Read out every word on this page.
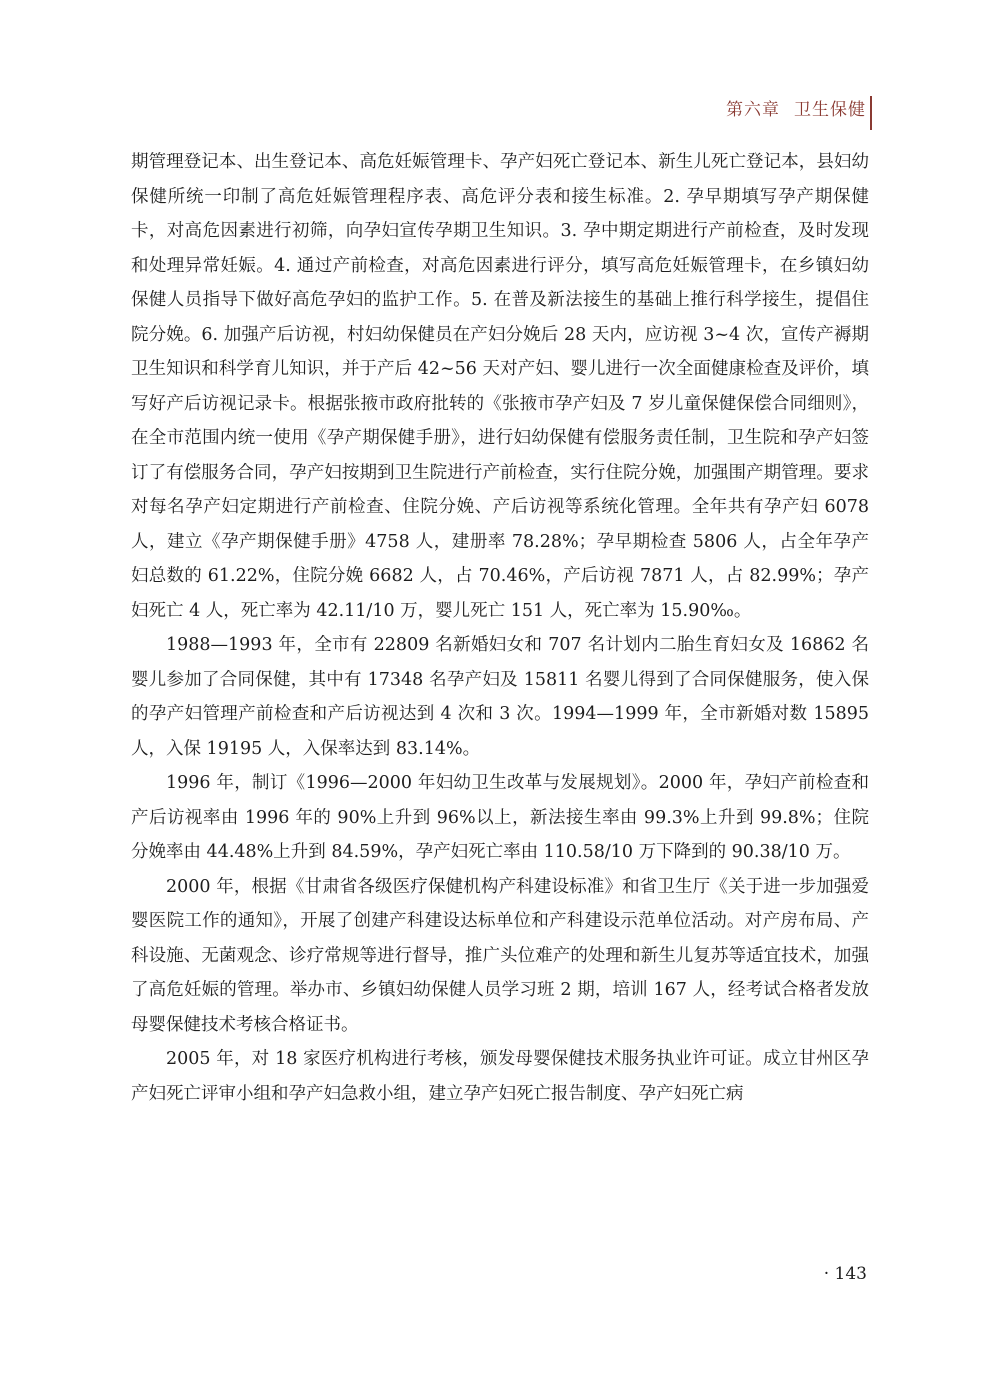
第六章 卫生保健

期管理登记本、出生登记本、高危妊娠管理卡、孕产妇死亡登记本、新生儿死亡登记本，县妇幼保健所统一印制了高危妊娠管理程序表、高危评分表和接生标准。2. 孕早期填写孕产期保健卡，对高危因素进行初筛，向孕妇宣传孕期卫生知识。3. 孕中期定期进行产前检查，及时发现和处理异常妊娠。4. 通过产前检查，对高危因素进行评分，填写高危妊娠管理卡，在乡镇妇幼保健人员指导下做好高危孕妇的监护工作。5. 在普及新法接生的基础上推行科学接生，提倡住院分娩。6. 加强产后访视，村妇幼保健员在产妇分娩后 28 天内，应访视 3~4 次，宣传产褥期卫生知识和科学育儿知识，并于产后 42~56 天对产妇、婴儿进行一次全面健康检查及评价，填写好产后访视记录卡。根据张掖市政府批转的《张掖市孕产妇及 7 岁儿童保健保偿合同细则》，在全市范围内统一使用《孕产期保健手册》，进行妇幼保健有偿服务责任制，卫生院和孕产妇签订了有偿服务合同，孕产妇按期到卫生院进行产前检查，实行住院分娩，加强围产期管理。要求对每名孕产妇定期进行产前检查、住院分娩、产后访视等系统化管理。全年共有孕产妇 6078 人，建立《孕产期保健手册》4758 人，建册率 78.28%；孕早期检查 5806 人，占全年孕产妇总数的 61.22%，住院分娩 6682 人，占 70.46%，产后访视 7871 人，占 82.99%；孕产妇死亡 4 人，死亡率为 42.11/10 万，婴儿死亡 151 人，死亡率为 15.90‰。

1988—1993 年，全市有 22809 名新婚妇女和 707 名计划内二胎生育妇女及 16862 名婴儿参加了合同保健，其中有 17348 名孕产妇及 15811 名婴儿得到了合同保健服务，使入保的孕产妇管理产前检查和产后访视达到 4 次和 3 次。1994—1999 年，全市新婚对数 15895 人，入保 19195 人，入保率达到 83.14%。

1996 年，制订《1996—2000 年妇幼卫生改革与发展规划》。2000 年，孕妇产前检查和产后访视率由 1996 年的 90%上升到 96%以上，新法接生率由 99.3%上升到 99.8%；住院分娩率由 44.48%上升到 84.59%，孕产妇死亡率由 110.58/10 万下降到的 90.38/10 万。

2000 年，根据《甘肃省各级医疗保健机构产科建设标准》和省卫生厅《关于进一步加强爱婴医院工作的通知》，开展了创建产科建设达标单位和产科建设示范单位活动。对产房布局、产科设施、无菌观念、诊疗常规等进行督导，推广头位难产的处理和新生儿复苏等适宜技术，加强了高危妊娠的管理。举办市、乡镇妇幼保健人员学习班 2 期，培训 167 人，经考试合格者发放母婴保健技术考核合格证书。

2005 年，对 18 家医疗机构进行考核，颁发母婴保健技术服务执业许可证。成立甘州区孕产妇死亡评审小组和孕产妇急救小组，建立孕产妇死亡报告制度、孕产妇死亡病

· 143
